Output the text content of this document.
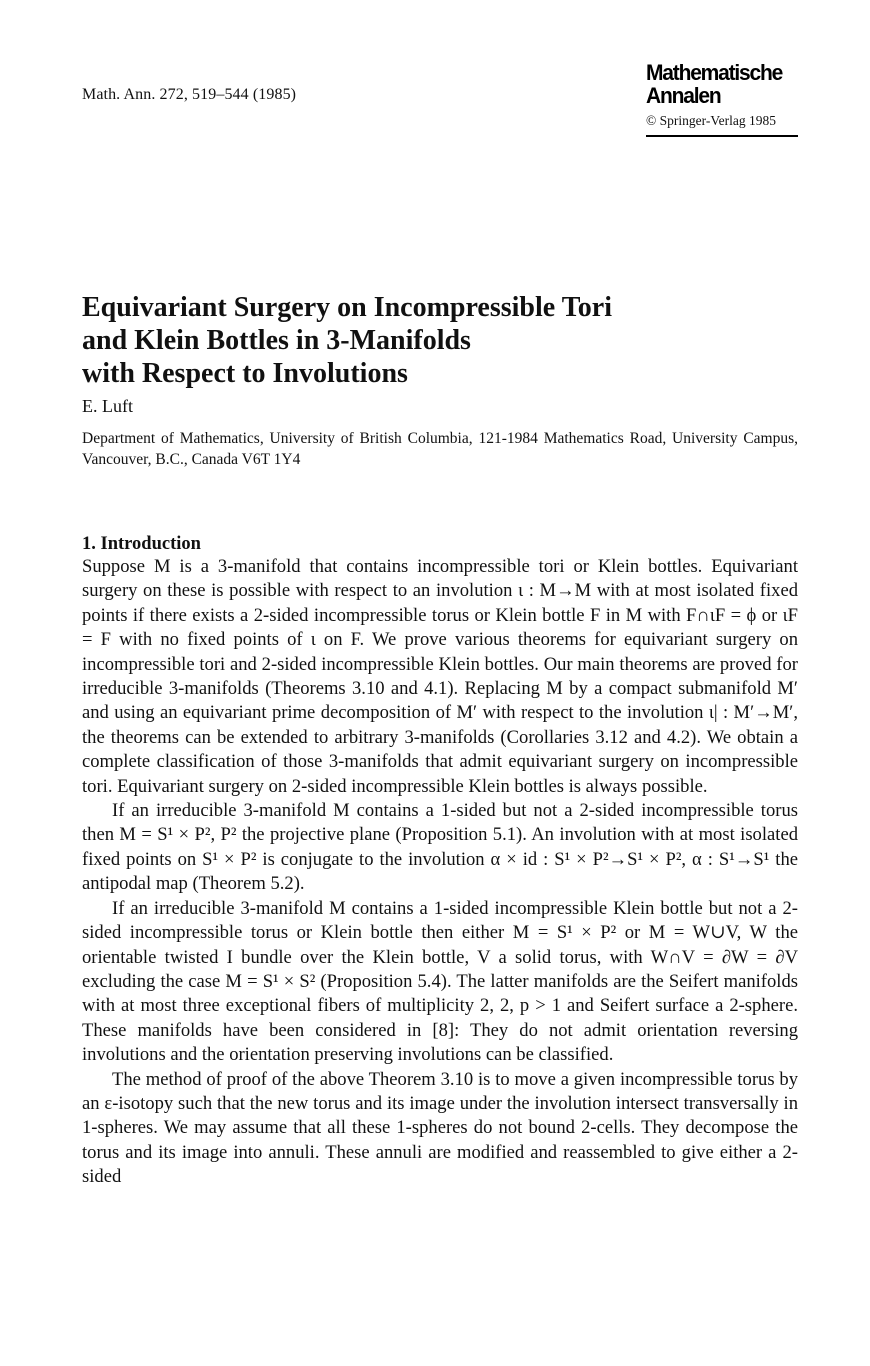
Math. Ann. 272, 519–544 (1985)
Mathematische
Annalen
© Springer-Verlag 1985
Equivariant Surgery on Incompressible Tori
and Klein Bottles in 3-Manifolds
with Respect to Involutions
E. Luft
Department of Mathematics, University of British Columbia, 121-1984 Mathematics Road, University Campus, Vancouver, B.C., Canada V6T 1Y4
1. Introduction

Suppose M is a 3-manifold that contains incompressible tori or Klein bottles. Equivariant surgery on these is possible with respect to an involution ι : M→M with at most isolated fixed points if there exists a 2-sided incompressible torus or Klein bottle F in M with F∩ιF = ϕ or ιF = F with no fixed points of ι on F. We prove various theorems for equivariant surgery on incompressible tori and 2-sided incompressible Klein bottles. Our main theorems are proved for irreducible 3-manifolds (Theorems 3.10 and 4.1). Replacing M by a compact submanifold M′ and using an equivariant prime decomposition of M′ with respect to the involution ι| : M′→M′, the theorems can be extended to arbitrary 3-manifolds (Corollaries 3.12 and 4.2). We obtain a complete classification of those 3-manifolds that admit equivariant surgery on incompressible tori. Equivariant surgery on 2-sided incompressible Klein bottles is always possible.

If an irreducible 3-manifold M contains a 1-sided but not a 2-sided incompressible torus then M = S¹ × P², P² the projective plane (Proposition 5.1). An involution with at most isolated fixed points on S¹ × P² is conjugate to the involution α × id : S¹ × P²→S¹ × P², α : S¹→S¹ the antipodal map (Theorem 5.2).

If an irreducible 3-manifold M contains a 1-sided incompressible Klein bottle but not a 2-sided incompressible torus or Klein bottle then either M = S¹ × P² or M = W∪V, W the orientable twisted I bundle over the Klein bottle, V a solid torus, with W∩V = ∂W = ∂V excluding the case M = S¹ × S² (Proposition 5.4). The latter manifolds are the Seifert manifolds with at most three exceptional fibers of multiplicity 2, 2, p > 1 and Seifert surface a 2-sphere. These manifolds have been considered in [8]: They do not admit orientation reversing involutions and the orientation preserving involutions can be classified.

The method of proof of the above Theorem 3.10 is to move a given incompressible torus by an ε-isotopy such that the new torus and its image under the involution intersect transversally in 1-spheres. We may assume that all these 1-spheres do not bound 2-cells. They decompose the torus and its image into annuli. These annuli are modified and reassembled to give either a 2-sided
